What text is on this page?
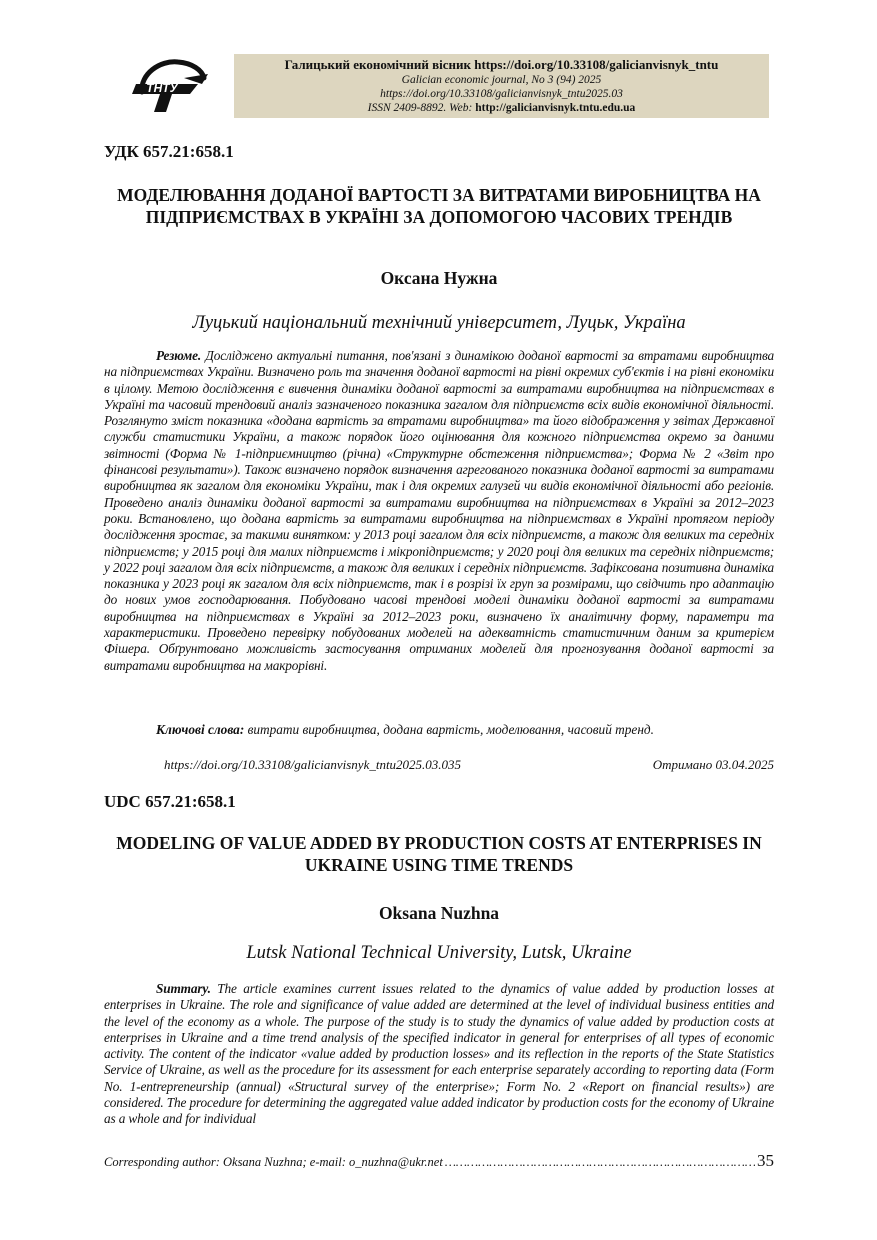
ТНТУ
Галицький економічний вісник https://doi.org/10.33108/galicianvisnyk_tntu
Galician economic journal, No 3 (94) 2025
https://doi.org/10.33108/galicianvisnyk_tntu2025.03
ISSN 2409-8892. Web: http://galicianvisnyk.tntu.edu.ua
УДК 657.21:658.1
МОДЕЛЮВАННЯ ДОДАНОЇ ВАРТОСТІ ЗА ВИТРАТАМИ ВИРОБНИЦТВА НА ПІДПРИЄМСТВАХ В УКРАЇНІ ЗА ДОПОМОГОЮ ЧАСОВИХ ТРЕНДІВ
Оксана Нужна
Луцький національний технічний університет, Луцьк, Україна
Резюме. Досліджено актуальні питання, пов'язані з динамікою доданої вартості за втратами виробництва на підприємствах України. Визначено роль та значення доданої вартості на рівні окремих суб'єктів і на рівні економіки в цілому. Метою дослідження є вивчення динаміки доданої вартості за витратами виробництва на підприємствах в Україні та часовий трендовий аналіз зазначеного показника загалом для підприємств всіх видів економічної діяльності. Розглянуто зміст показника «додана вартість за втратами виробництва» та його відображення у звітах Державної служби статистики України, а також порядок його оцінювання для кожного підприємства окремо за даними звітності (Форма № 1-підприємництво (річна) «Структурне обстеження підприємства»; Форма № 2 «Звіт про фінансові результати»). Також визначено порядок визначення агрегованого показника доданої вартості за витратами виробництва як загалом для економіки України, так і для окремих галузей чи видів економічної діяльності або регіонів. Проведено аналіз динаміки доданої вартості за витратами виробництва на підприємствах в Україні за 2012–2023 роки. Встановлено, що додана вартість за витратами виробництва на підприємствах в Україні протягом періоду дослідження зростає, за такими винятком: у 2013 році загалом для всіх підприємств, а також для великих та середніх підприємств; у 2015 році для малих підприємств і мікропідприємств; у 2020 році для великих та середніх підприємств; у 2022 році загалом для всіх підприємств, а також для великих і середніх підприємств. Зафіксована позитивна динаміка показника у 2023 році як загалом для всіх підприємств, так і в розрізі їх груп за розмірами, що свідчить про адаптацію до нових умов господарювання. Побудовано часові трендові моделі динаміки доданої вартості за витратами виробництва на підприємствах в Україні за 2012–2023 роки, визначено їх аналітичну форму, параметри та характеристики. Проведено перевірку побудованих моделей на адекватність статистичним даним за критерієм Фішера. Обґрунтовано можливість застосування отриманих моделей для прогнозування доданої вартості за витратами виробництва на макрорівні.
Ключові слова: витрати виробництва, додана вартість, моделювання, часовий тренд.
https://doi.org/10.33108/galicianvisnyk_tntu2025.03.035	Отримано 03.04.2025
UDC 657.21:658.1
MODELING OF VALUE ADDED BY PRODUCTION COSTS AT ENTERPRISES IN UKRAINE USING TIME TRENDS
Oksana Nuzhna
Lutsk National Technical University, Lutsk, Ukraine
Summary. The article examines current issues related to the dynamics of value added by production losses at enterprises in Ukraine. The role and significance of value added are determined at the level of individual business entities and the level of the economy as a whole. The purpose of the study is to study the dynamics of value added by production costs at enterprises in Ukraine and a time trend analysis of the specified indicator in general for enterprises of all types of economic activity. The content of the indicator «value added by production losses» and its reflection in the reports of the State Statistics Service of Ukraine, as well as the procedure for its assessment for each enterprise separately according to reporting data (Form No. 1-entrepreneurship (annual) «Structural survey of the enterprise»; Form No. 2 «Report on financial results») are considered. The procedure for determining the aggregated value added indicator by production costs for the economy of Ukraine as a whole and for individual
Corresponding author: Oksana Nuzhna; e-mail: o_nuzhna@ukr.net
……………………………………………………………………………………………………………	35
